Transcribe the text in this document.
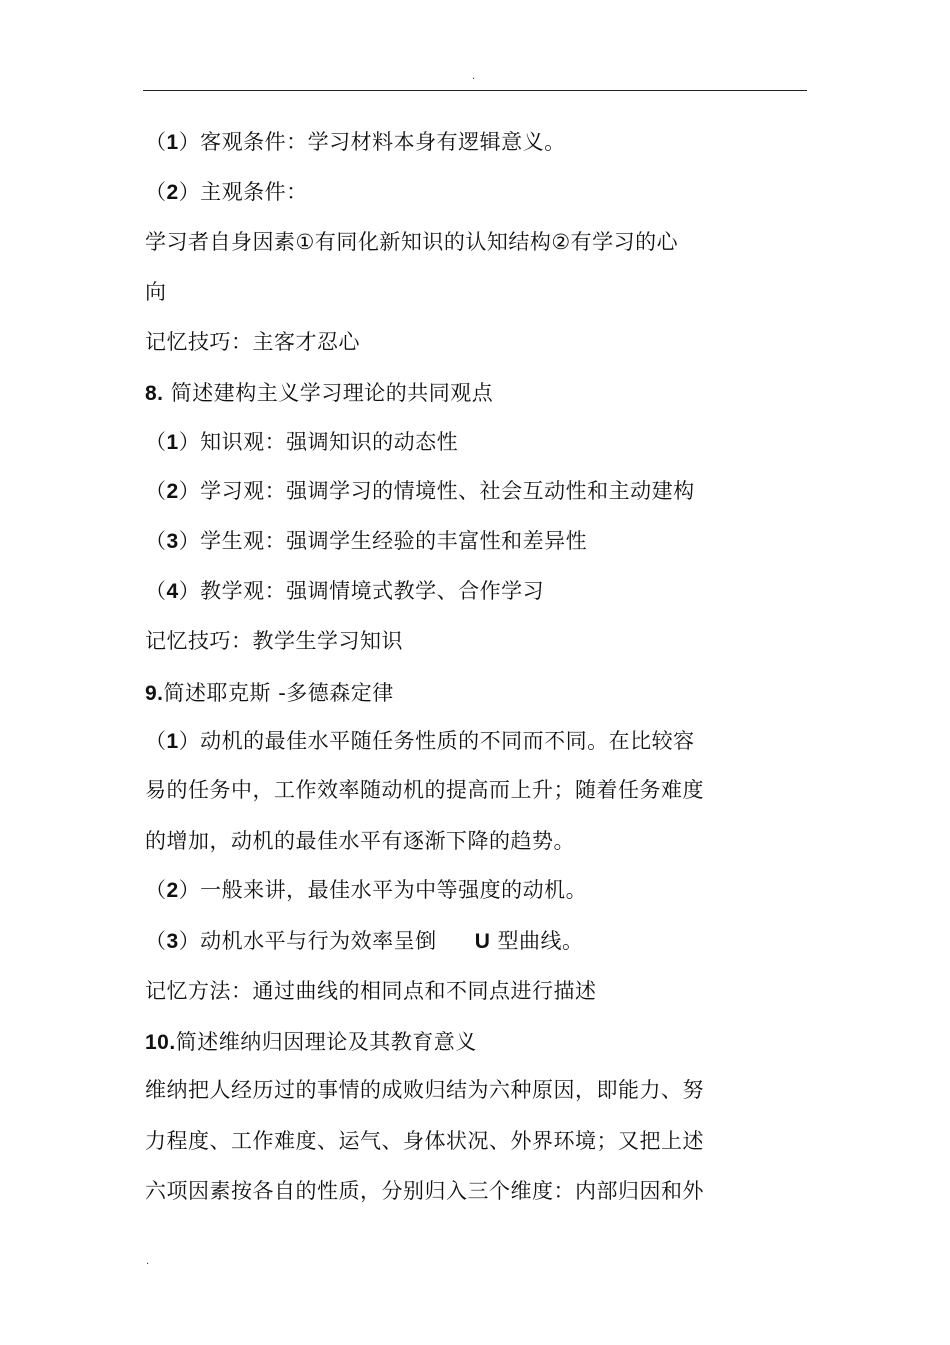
.
（1）客观条件：学习材料本身有逻辑意义。
（2）主观条件：
学习者自身因素①有同化新知识的认知结构②有学习的心
向
记忆技巧：主客才忍心
8. 简述建构主义学习理论的共同观点
（1）知识观：强调知识的动态性
（2）学习观：强调学习的情境性、社会互动性和主动建构
（3）学生观：强调学生经验的丰富性和差异性
（4）教学观：强调情境式教学、合作学习
记忆技巧：教学生学习知识
9.简述耶克斯 -多德森定律
（1）动机的最佳水平随任务性质的不同而不同。在比较容
易的任务中，工作效率随动机的提高而上升；随着任务难度
的增加，动机的最佳水平有逐渐下降的趋势。
（2）一般来讲，最佳水平为中等强度的动机。
（3）动机水平与行为效率呈倒 U 型曲线。
记忆方法：通过曲线的相同点和不同点进行描述
10.简述维纳归因理论及其教育意义
维纳把人经历过的事情的成败归结为六种原因，即能力、努
力程度、工作难度、运气、身体状况、外界环境；又把上述
六项因素按各自的性质，分别归入三个维度：内部归因和外
.
